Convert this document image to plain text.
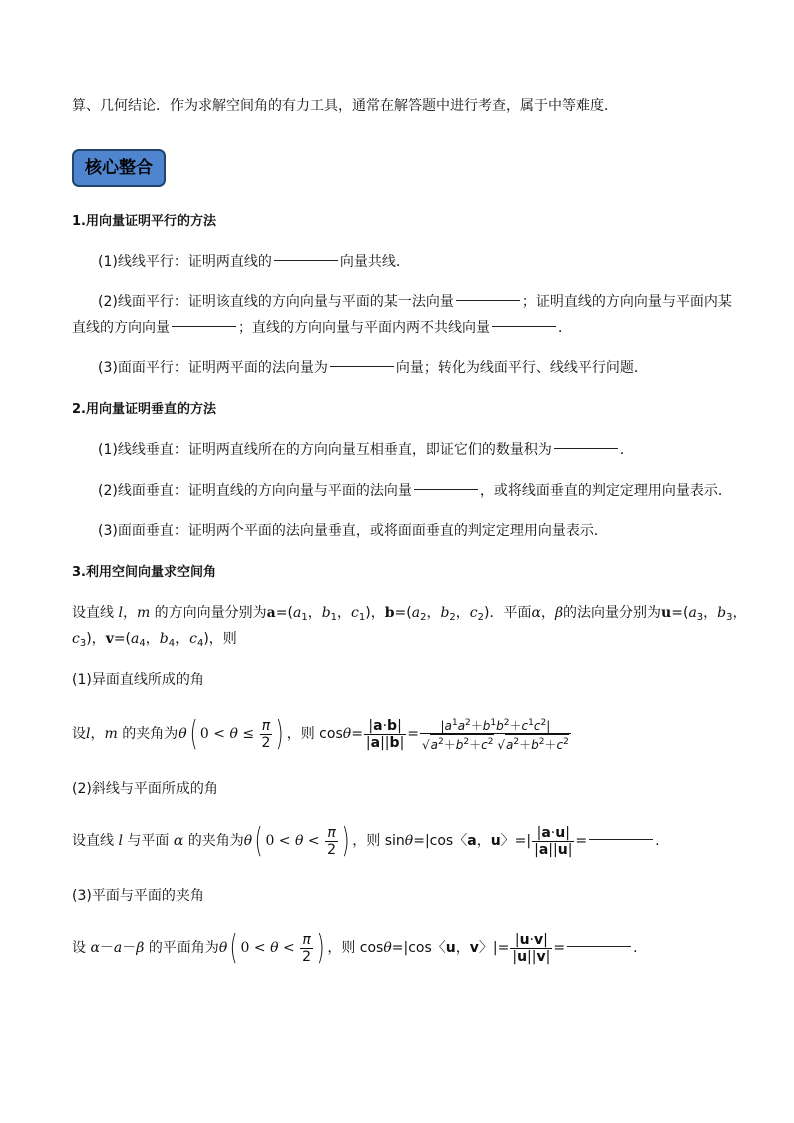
算、几何结论．作为求解空间角的有力工具，通常在解答题中进行考查，属于中等难度．
核心整合
1.用向量证明平行的方法
(1)线线平行：证明两直线的	向量共线．
(2)线面平行：证明该直线的方向向量与平面的某一法向量	；证明直线的方向向量与平面内某
直线的方向向量	；直线的方向向量与平面内两不共线向量	．
(3)面面平行：证明两平面的法向量为	向量；转化为线面平行、线线平行问题．
2.用向量证明垂直的方法
(1)线线垂直：证明两直线所在的方向向量互相垂直，即证它们的数量积为	．
(2)线面垂直：证明直线的方向向量与平面的法向量	，或将线面垂直的判定定理用向量表示．
(3)面面垂直：证明两个平面的法向量垂直，或将面面垂直的判定定理用向量表示．
3.利用空间向量求空间角
设直线 l，m 的方向向量分别为$a=(a_1$，$b_1$，$c_1$)，$b=(a_2$，$b_2$，$c_2$)．平面α，β的法向量分别为$u=(a_3$，$b_3$，
$c_3$)，$v=(a_4$，$b_4$，$c_4$)，则
(1)异面直线所成的角
设l，m 的夹角为θ( $0 < \theta \le \frac{\pi}{2}$ ) ，则 $\cos\theta= \frac{|a\cdot b|}{|a||b|} = \frac{|a^1a^2+b^1b^2+c^1c^2|}{√a^2+b^2+c^2 √a^2+b^2+c^2}$
(2)斜线与平面所成的角
设直线 l 与平面 α 的夹角为θ( $0 < \theta < \frac{\pi}{2}$ ) ，则 sinθ=|cos〈a，u〉=| $\frac{|a\cdot u|}{|a||u|}$ =	.
(3)平面与平面的夹角
设 α－a－β 的平面角为θ( $0 < \theta < \frac{\pi}{2}$ ) ，则 cosθ=|cos〈u，v〉|= $\frac{|u\cdot v|}{|u||v|}$ =	.
